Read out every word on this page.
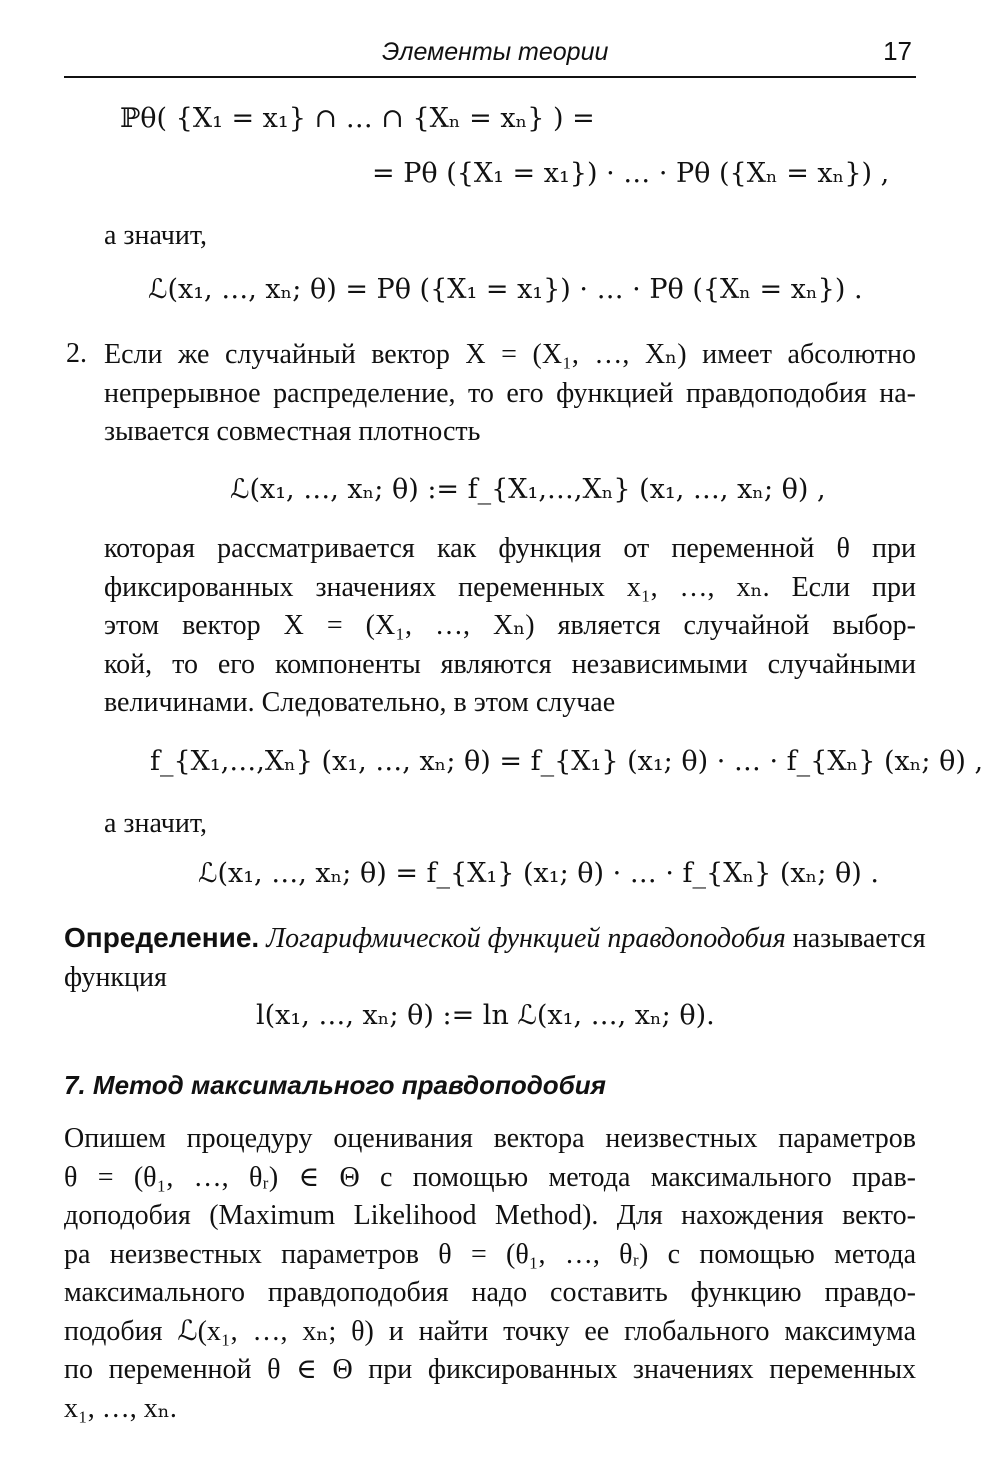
Элементы теории	17
ℙθ( {X₁ = x₁} ∩ … ∩ {Xₙ = xₙ} ) =
= Pθ ({X₁ = x₁}) · … · Pθ ({Xₙ = xₙ}) ,
а значит,
ℒ(x₁, …, xₙ; θ) = Pθ ({X₁ = x₁}) · … · Pθ ({Xₙ = xₙ}) .
2. Если же случайный вектор X = (X₁, …, Xₙ) имеет абсолютно
непрерывное распределение, то его функцией правдоподобия на-
зывается совместная плотность
ℒ(x₁, …, xₙ; θ) := f_{X₁,…,Xₙ} (x₁, …, xₙ; θ) ,
которая рассматривается как функция от переменной θ при
фиксированных значениях переменных x₁, …, xₙ. Если при
этом вектор X = (X₁, …, Xₙ) является случайной выбор-
кой, то его компоненты являются независимыми случайными
величинами. Следовательно, в этом случае
f_{X₁,…,Xₙ} (x₁, …, xₙ; θ) = f_{X₁} (x₁; θ) · … · f_{Xₙ} (xₙ; θ) ,
а значит,
ℒ(x₁, …, xₙ; θ) = f_{X₁} (x₁; θ) · … · f_{Xₙ} (xₙ; θ) .
Определение. Логарифмической функцией правдоподобия называется
функция
l(x₁, …, xₙ; θ) := ln ℒ(x₁, …, xₙ; θ).
7. Метод максимального правдоподобия
Опишем процедуру оценивания вектора неизвестных параметров
θ = (θ₁, …, θᵣ) ∈ Θ с помощью метода максимального прав-
доподобия (Maximum Likelihood Method). Для нахождения векто-
ра неизвестных параметров θ = (θ₁, …, θᵣ) с помощью метода
максимального правдоподобия надо составить функцию правдо-
подобия ℒ(x₁, …, xₙ; θ) и найти точку ее глобального максимума
по переменной θ ∈ Θ при фиксированных значениях переменных
x₁, …, xₙ.
